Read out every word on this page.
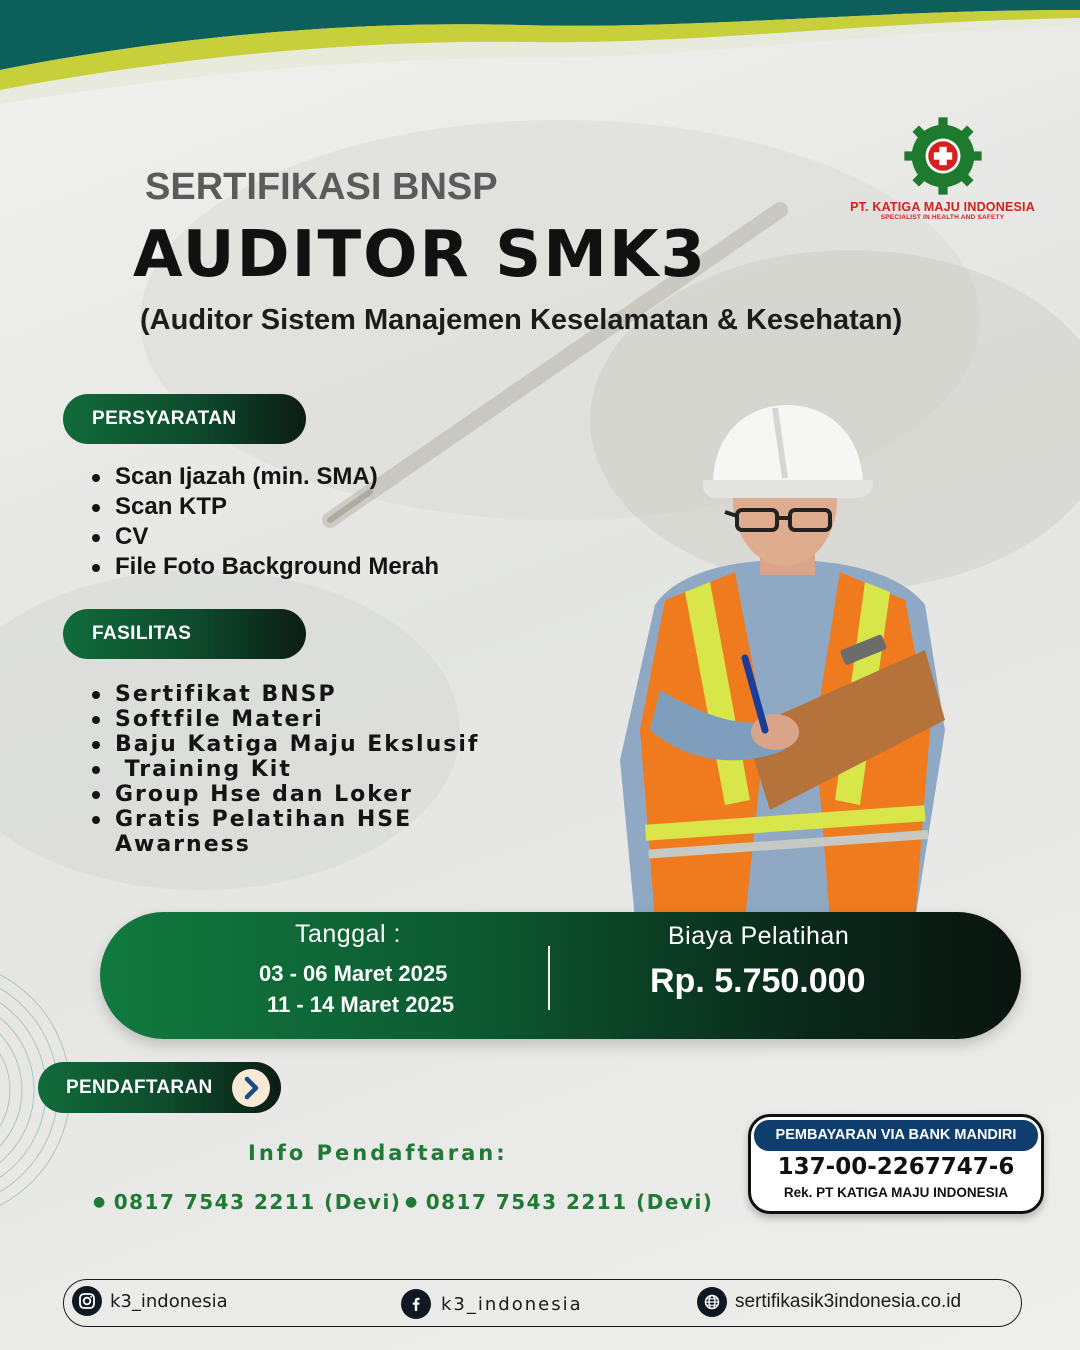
PT. KATIGA MAJU INDONESIA
SPECIALIST IN HEALTH AND SAFETY
SERTIFIKASI BNSP
AUDITOR SMK3
(Auditor Sistem Manajemen Keselamatan & Kesehatan)
PERSYARATAN
Scan Ijazah (min. SMA)
Scan KTP
CV
File Foto Background Merah
FASILITAS
Sertifikat BNSP
Softfile Materi
Baju Katiga Maju Ekslusif
Training Kit
Group Hse dan Loker
Gratis Pelatihan HSE Awarness
Tanggal :
03 - 06 Maret 2025
11 - 14 Maret 2025
Biaya Pelatihan
Rp. 5.750.000
PENDAFTARAN
Info Pendaftaran:
● 0817 7543 2211 (Devi) ● 0817 7543 2211 (Devi)
PEMBAYARAN VIA BANK MANDIRI
137-00-2267747-6
Rek. PT KATIGA MAJU INDONESIA
k3_indonesia	k3_indonesia	sertifikasik3indonesia.co.id
